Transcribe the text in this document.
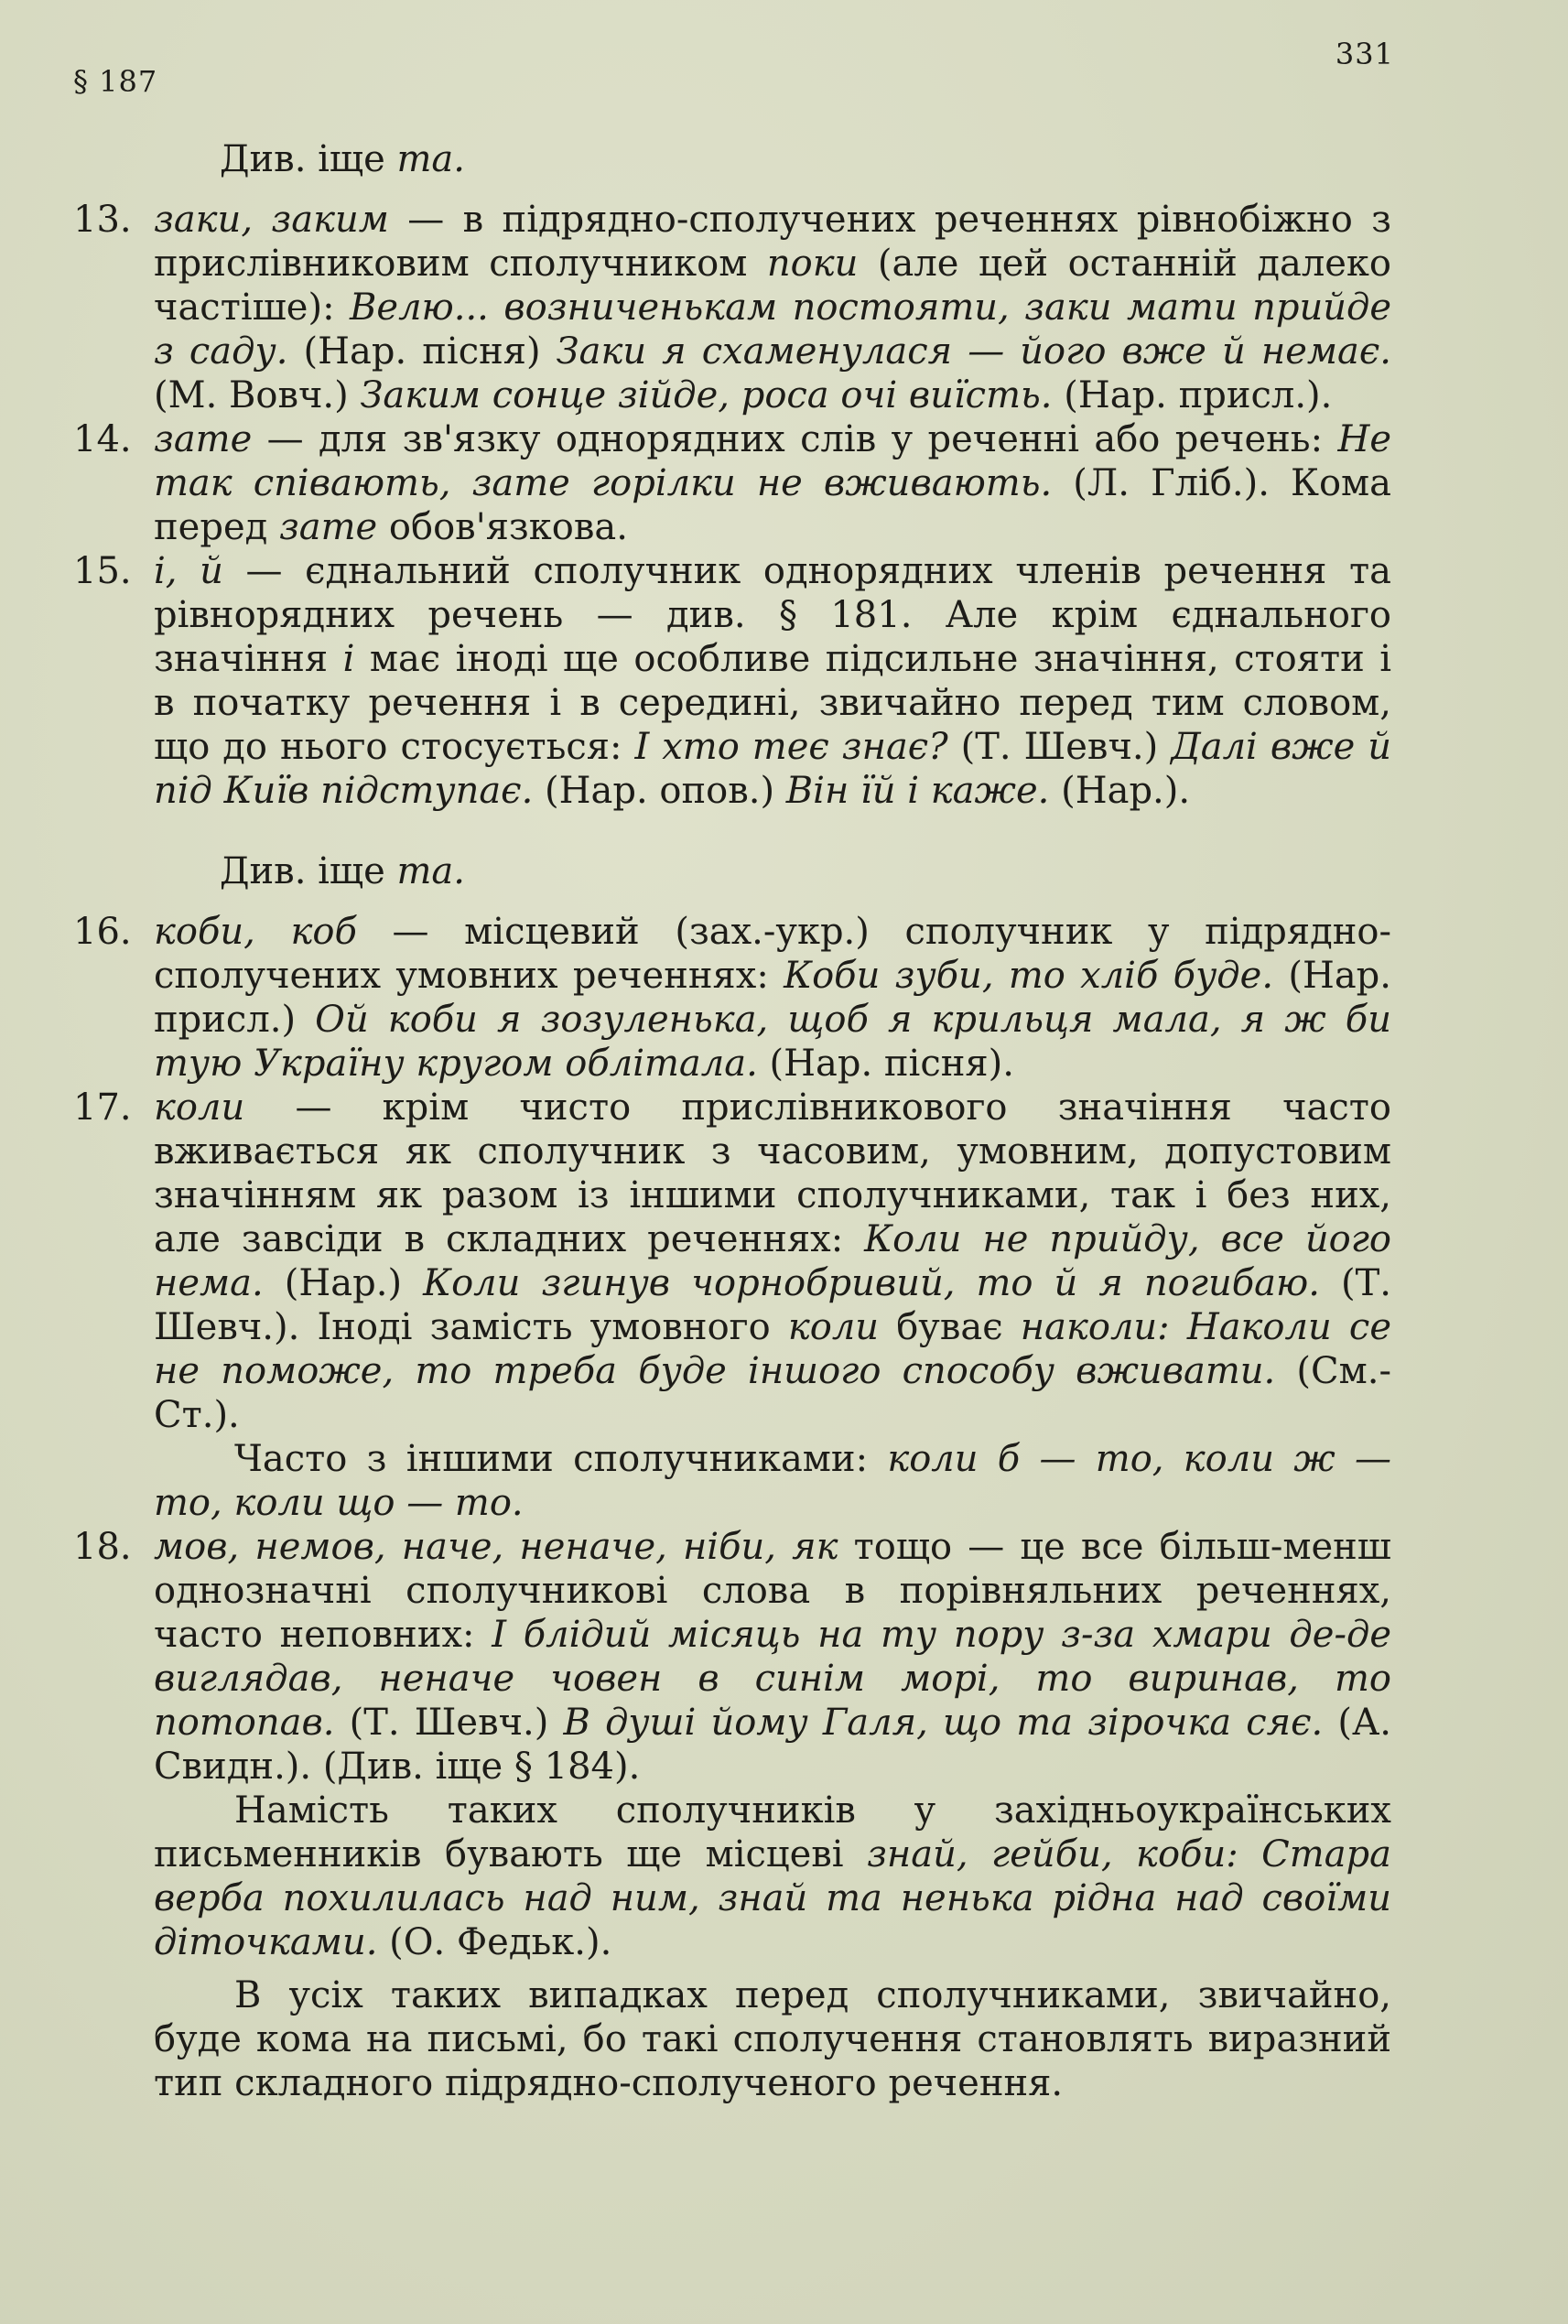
§ 187
331

Див. іще та.

13. заки, заким — в підрядно-сполучених реченнях рівнобіжно з прислівниковим сполучником поки (але цей останній далеко частіше): Велю... возниченькам постояти, заки мати прийде з саду. (Нар. пісня) Заки я схаменулася — його вже й немає. (М. Вовч.) Заким сонце зійде, роса очі виїсть. (Нар. присл.).

14. зате — для зв'язку однорядних слів у реченні або речень: Не так співають, зате горілки не вживають. (Л. Гліб.). Кома перед зате обов'язкова.

15. і, й — єднальний сполучник однорядних членів речення та рівнорядних речень — див. § 181. Але крім єднального значіння і має іноді ще особливе підсильне значіння, стояти і в початку речення і в середині, звичайно перед тим словом, що до нього стосується: І хто теє знає? (Т. Шевч.) Далі вже й під Київ підступає. (Нар. опов.) Він їй і каже. (Нар.).

Див. іще та.

16. коби, коб — місцевий (зах.-укр.) сполучник у підрядно-сполучених умовних реченнях: Коби зуби, то хліб буде. (Нар. присл.) Ой коби я зозуленька, щоб я крильця мала, я ж би тую Україну кругом облітала. (Нар. пісня).

17. коли — крім чисто прислівникового значіння часто вживається як сполучник з часовим, умовним, допустовим значінням як разом із іншими сполучниками, так і без них, але завсіди в складних реченнях: Коли не прийду, все його нема. (Нар.) Коли згинув чорнобривий, то й я погибаю. (Т. Шевч.). Іноді замість умовного коли буває наколи: Наколи се не поможе, то треба буде іншого способу вживати. (См.-Ст.).

Часто з іншими сполучниками: коли б — то, коли ж — то, коли що — то.

18. мов, немов, наче, неначе, ніби, як тощо — це все більш-менш однозначні сполучникові слова в порівняльних реченнях, часто неповних: І блідий місяць на ту пору з-за хмари де-де виглядав, неначе човен в синім морі, то виринав, то потопав. (Т. Шевч.) В душі йому Галя, що та зірочка сяє. (А. Свидн.). (Див. іще § 184).

Намість таких сполучників у західньоукраїнських письменників бувають ще місцеві знай, гейби, коби: Стара верба похилилась над ним, знай та ненька рідна над своїми діточками. (О. Федьк.).

В усіх таких випадках перед сполучниками, звичайно, буде кома на письмі, бо такі сполучення становлять виразний тип складного підрядно-сполученого речення.
